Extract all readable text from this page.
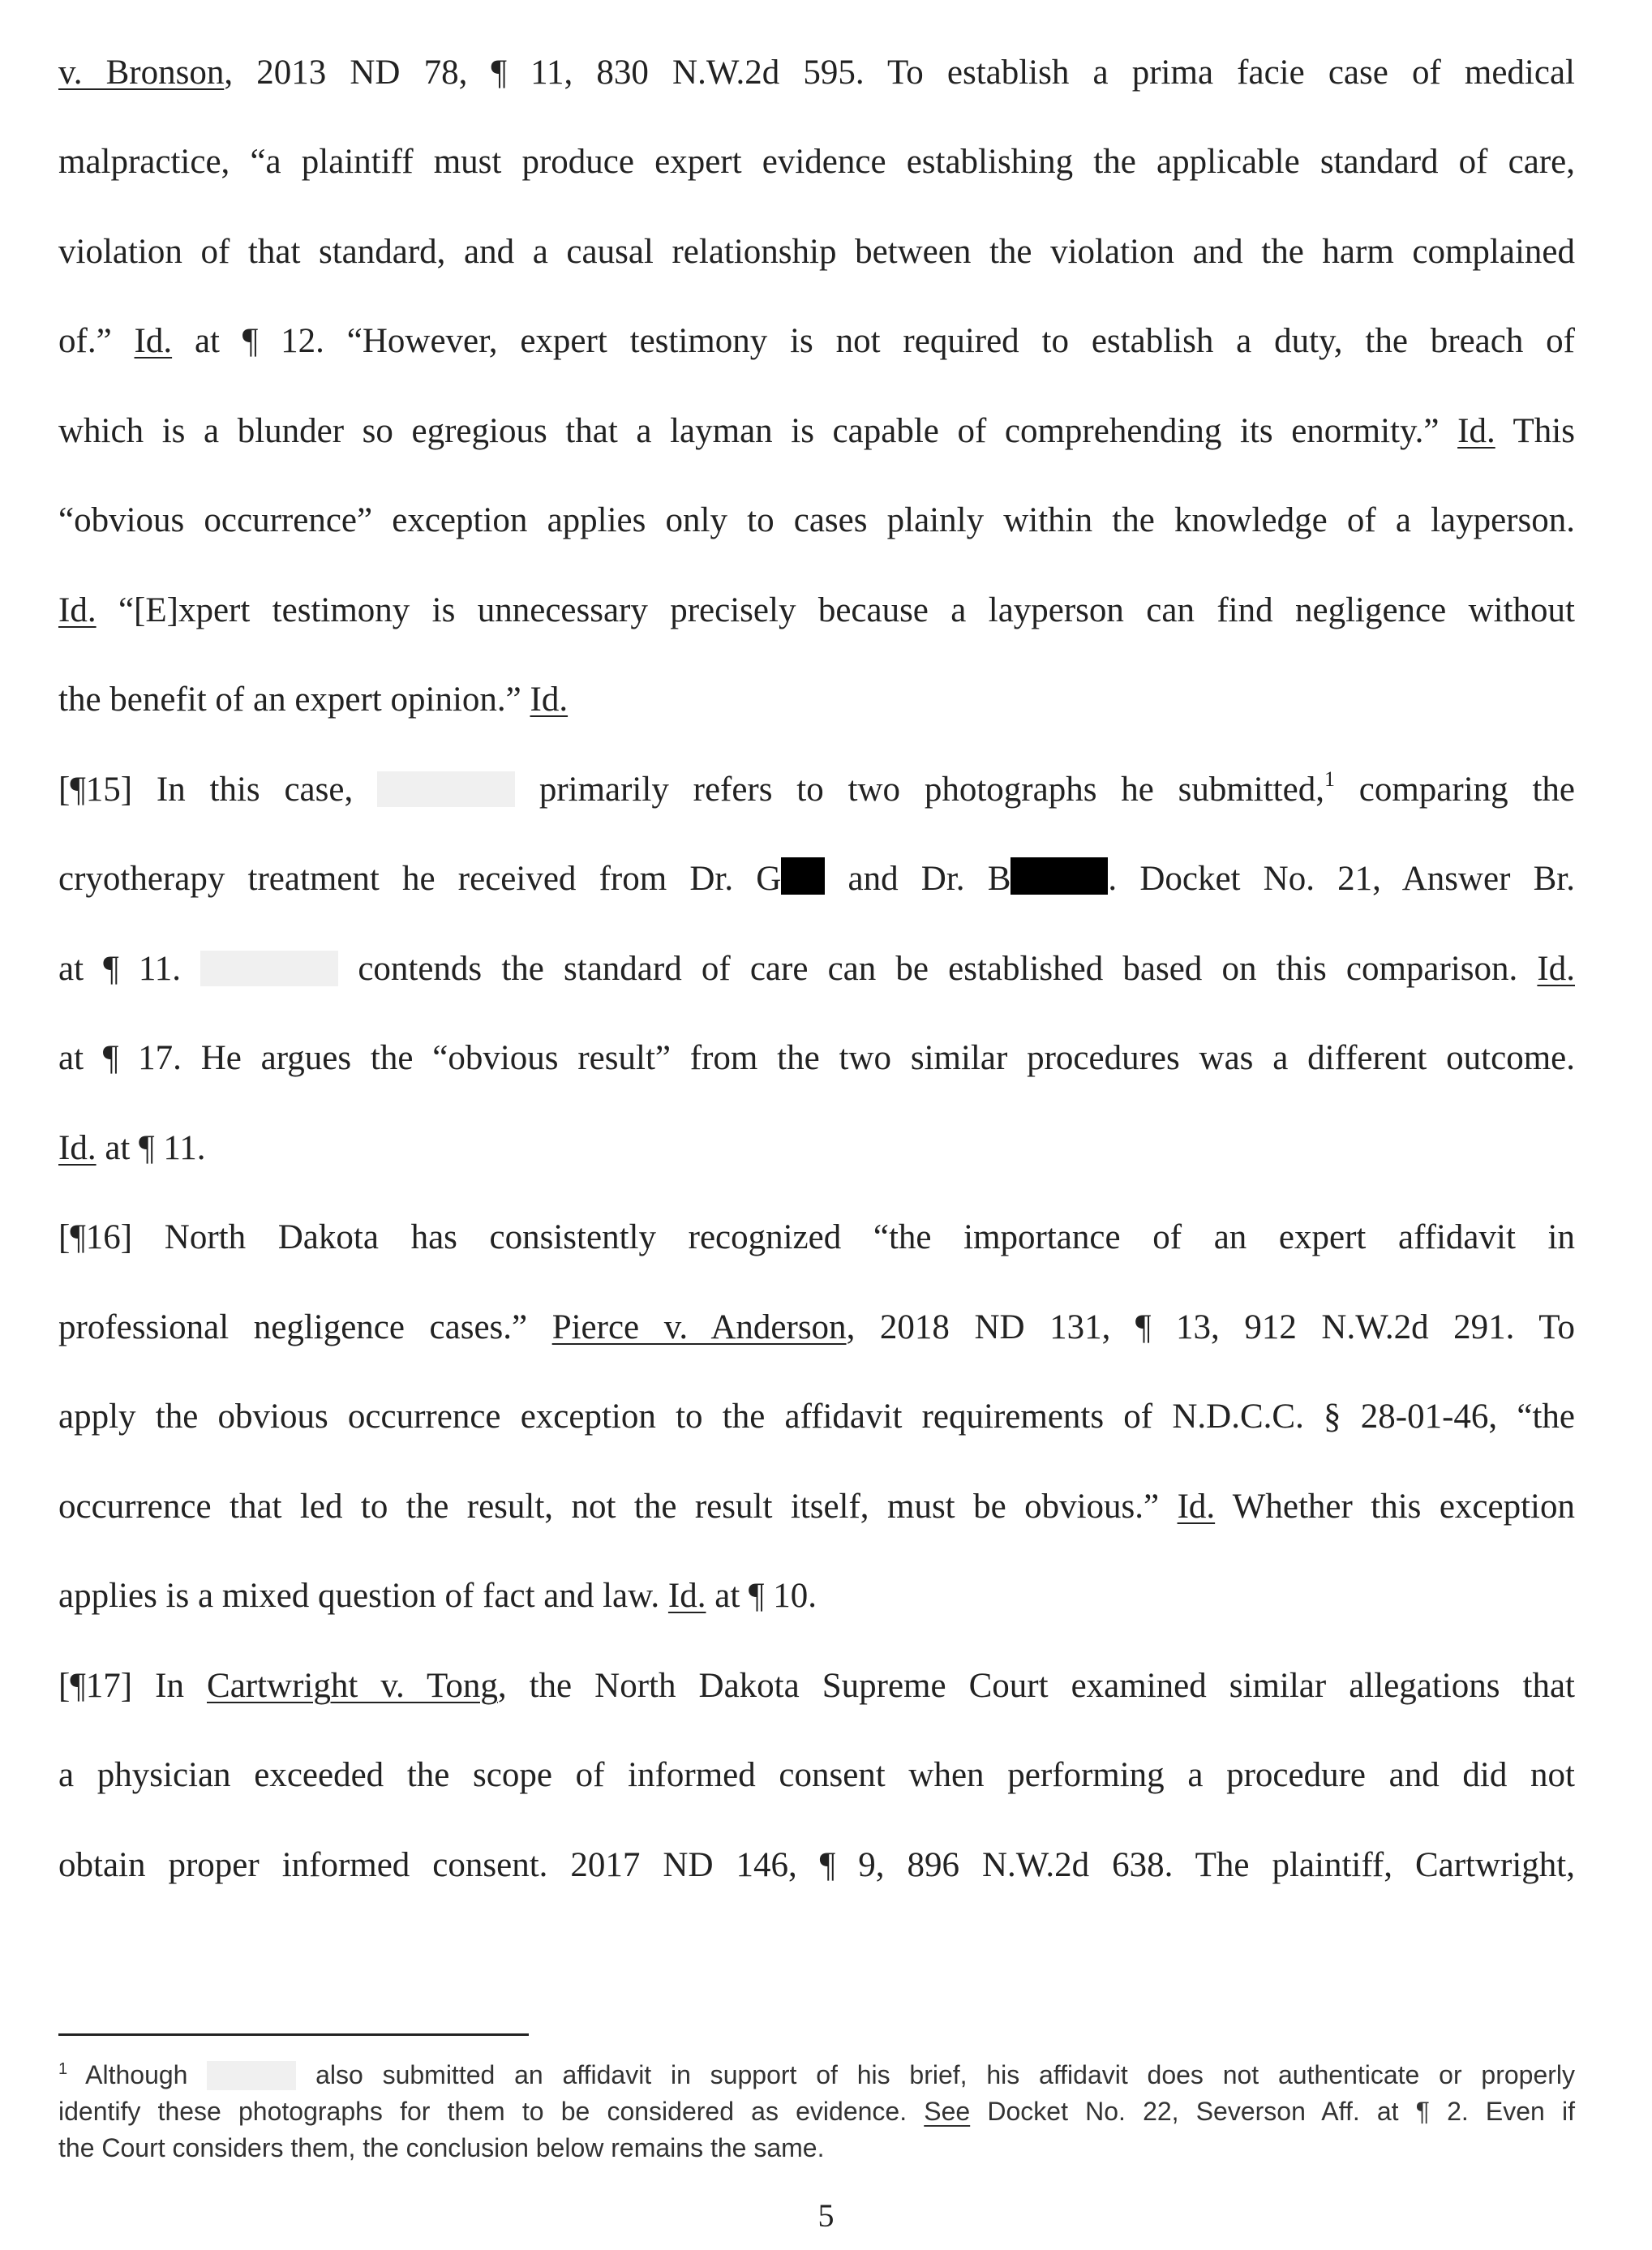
v. Bronson, 2013 ND 78, ¶ 11, 830 N.W.2d 595. To establish a prima facie case of medical
malpractice, “a plaintiff must produce expert evidence establishing the applicable standard of care,
violation of that standard, and a causal relationship between the violation and the harm complained
of.” Id. at ¶ 12. “However, expert testimony is not required to establish a duty, the breach of
which is a blunder so egregious that a layman is capable of comprehending its enormity.” Id. This
“obvious occurrence” exception applies only to cases plainly within the knowledge of a layperson.
Id. “[E]xpert testimony is unnecessary precisely because a layperson can find negligence without
the benefit of an expert opinion.” Id.
[¶15] In this case,	primarily refers to two photographs he submitted,$^1$ comparing the
cryotherapy treatment he received from Dr. G and Dr. B	. Docket No. 21, Answer Br.
at ¶ 11.	contends the standard of care can be established based on this comparison. Id.
at ¶ 17. He argues the “obvious result” from the two similar procedures was a different outcome.
Id. at ¶ 11.
[¶16] North Dakota has consistently recognized “the importance of an expert affidavit in
professional negligence cases.” Pierce v. Anderson, 2018 ND 131, ¶ 13, 912 N.W.2d 291. To
apply the obvious occurrence exception to the affidavit requirements of N.D.C.C. § 28-01-46, “the
occurrence that led to the result, not the result itself, must be obvious.” Id. Whether this exception
applies is a mixed question of fact and law. Id. at ¶ 10.
[¶17] In Cartwright v. Tong, the North Dakota Supreme Court examined similar allegations that
a physician exceeded the scope of informed consent when performing a procedure and did not
obtain proper informed consent. 2017 ND 146, ¶ 9, 896 N.W.2d 638. The plaintiff, Cartwright,
$^1$ Although	also submitted an affidavit in support of his brief, his affidavit does not authenticate or properly
identify these photographs for them to be considered as evidence. See Docket No. 22, Severson Aff. at ¶ 2. Even if
the Court considers them, the conclusion below remains the same.
5
